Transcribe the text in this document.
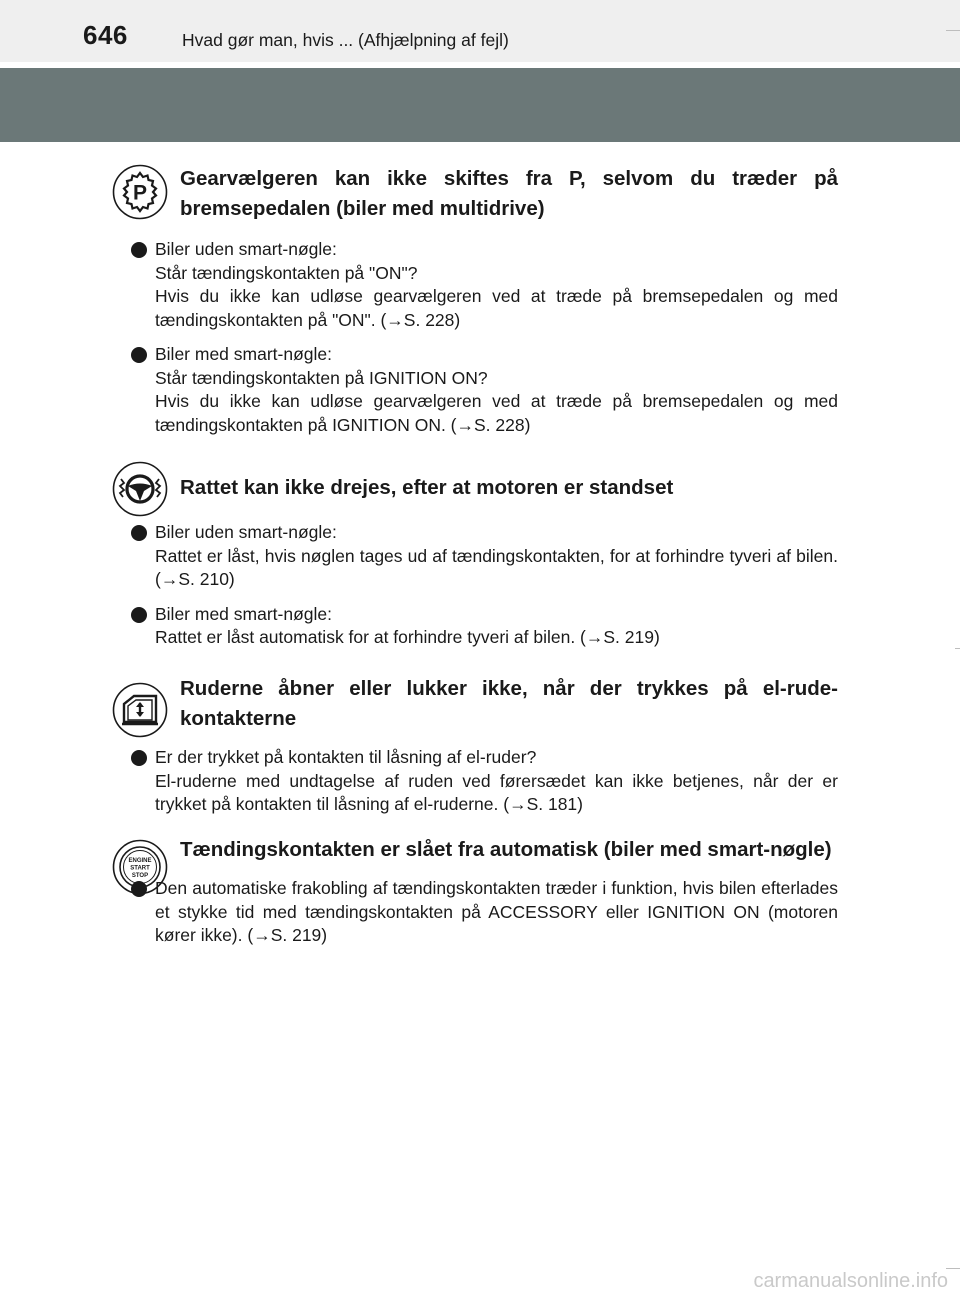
646	Hvad gør man, hvis ... (Afhjælpning af fejl)
P
Gearvælgeren kan ikke skiftes fra P, selvom du træder på bremsepedalen (biler med multidrive)
Biler uden smart-nøgle:
Står tændingskontakten på "ON"?
Hvis du ikke kan udløse gearvælgeren ved at træde på bremsepedalen og med tændingskontakten på "ON". (→S. 228)
Biler med smart-nøgle:
Står tændingskontakten på IGNITION ON?
Hvis du ikke kan udløse gearvælgeren ved at træde på bremsepedalen og med tændingskontakten på IGNITION ON. (→S. 228)
Rattet kan ikke drejes, efter at motoren er standset
Biler uden smart-nøgle:
Rattet er låst, hvis nøglen tages ud af tændingskontakten, for at forhindre tyveri af bilen. (→S. 210)
Biler med smart-nøgle:
Rattet er låst automatisk for at forhindre tyveri af bilen. (→S. 219)
Ruderne åbner eller lukker ikke, når der trykkes på el-rude-kontakterne
Er der trykket på kontakten til låsning af el-ruder?
El-ruderne med undtagelse af ruden ved førersædet kan ikke betjenes, når der er trykket på kontakten til låsning af el-ruderne. (→S. 181)
ENGINE
START
STOP
Tændingskontakten er slået fra automatisk (biler med smart-nøgle)
Den automatiske frakobling af tændingskontakten træder i funktion, hvis bilen efterlades et stykke tid med tændingskontakten på ACCESSORY eller IGNITION ON (motoren kører ikke). (→S. 219)
carmanualsonline.info
